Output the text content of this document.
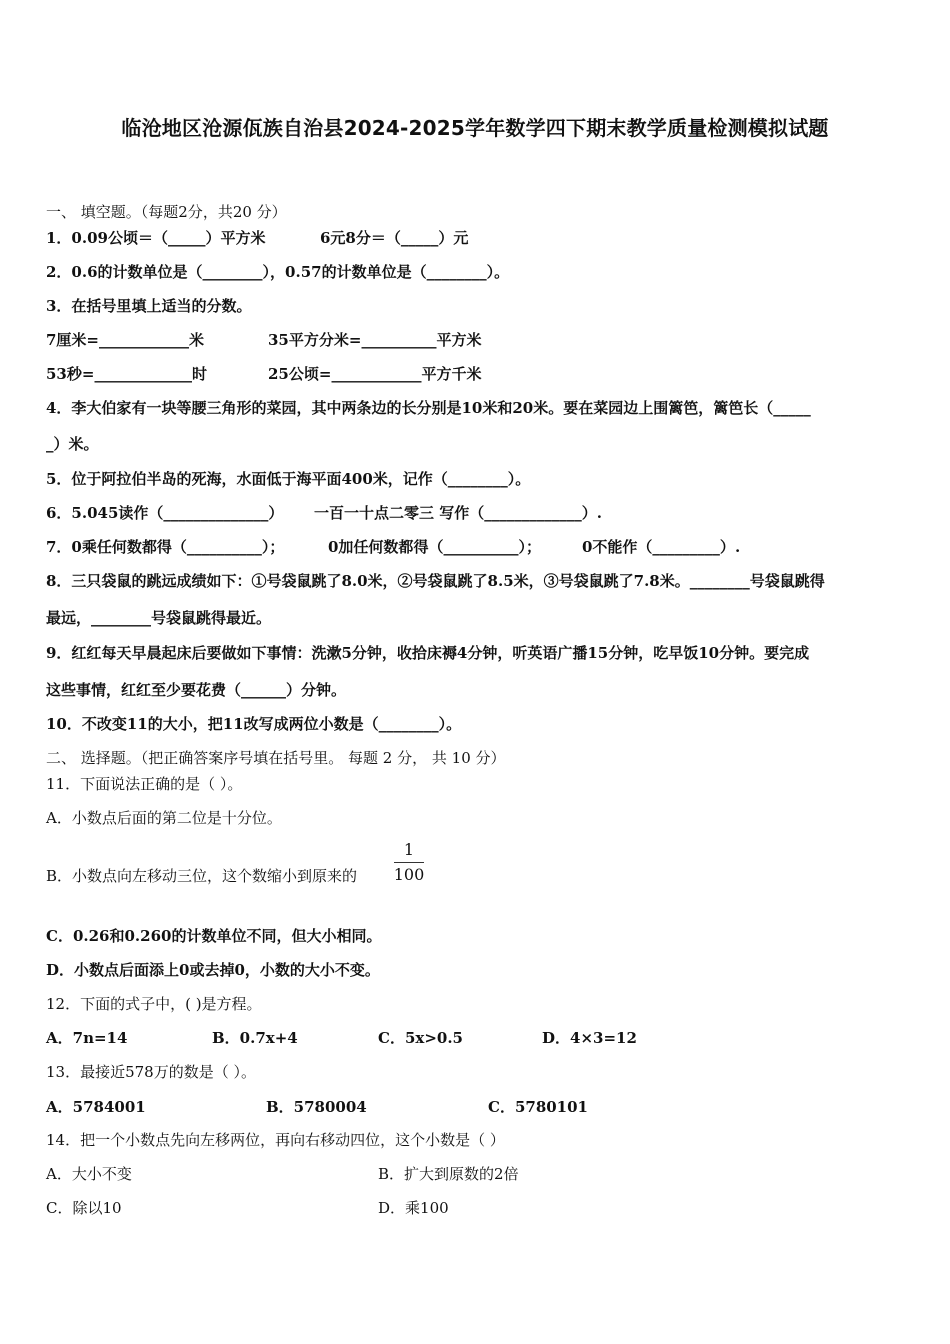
临沧地区沧源佤族自治县2024-2025学年数学四下期末教学质量检测模拟试题
一、 填空题。（每题2分，共20 分）
1．0.09公顷＝（_____）平方米	6元8分＝（_____）元
2．0.6的计数单位是（________），0.57的计数单位是（________）。
3．在括号里填上适当的分数。
7厘米=____________米	35平方分米=__________平方米
53秒=_____________时	25公顷=____________平方千米
4．李大伯家有一块等腰三角形的菜园，其中两条边的长分别是10米和20米。要在菜园边上围篱笆，篱笆长（_____
_）米。
5．位于阿拉伯半岛的死海，水面低于海平面400米，记作（________）。
6．5.045读作（______________） 一百一十点二零三 写作（_____________）.
7．0乘任何数都得（__________）；	0加任何数都得（__________）；	0不能作（_________）.
8．三只袋鼠的跳远成绩如下：①号袋鼠跳了8.0米，②号袋鼠跳了8.5米，③号袋鼠跳了7.8米。________号袋鼠跳得
最远，________号袋鼠跳得最近。
9．红红每天早晨起床后要做如下事情：洗漱5分钟，收拾床褥4分钟，听英语广播15分钟，吃早饭10分钟。要完成
这些事情，红红至少要花费（______）分钟。
10．不改变11的大小，把11改写成两位小数是（________）。
二、 选择题。（把正确答案序号填在括号里。 每题 2 分， 共 10 分）
11．下面说法正确的是（ ）。
A．小数点后面的第二位是十分位。
B．小数点向左移动三位，这个数缩小到原来的
1
100
C．0.26和0.260的计数单位不同，但大小相同。
D．小数点后面添上0或去掉0，小数的大小不变。
12．下面的式子中，( )是方程。
A．7n=14	B．0.7x+4	C．5x>0.5	D．4×3=12
13．最接近578万的数是（ ）。
A．5784001	B．5780004	C．5780101
14．把一个小数点先向左移两位，再向右移动四位，这个小数是（ ）
A．大小不变	B．扩大到原数的2倍
C．除以10	D．乘100
